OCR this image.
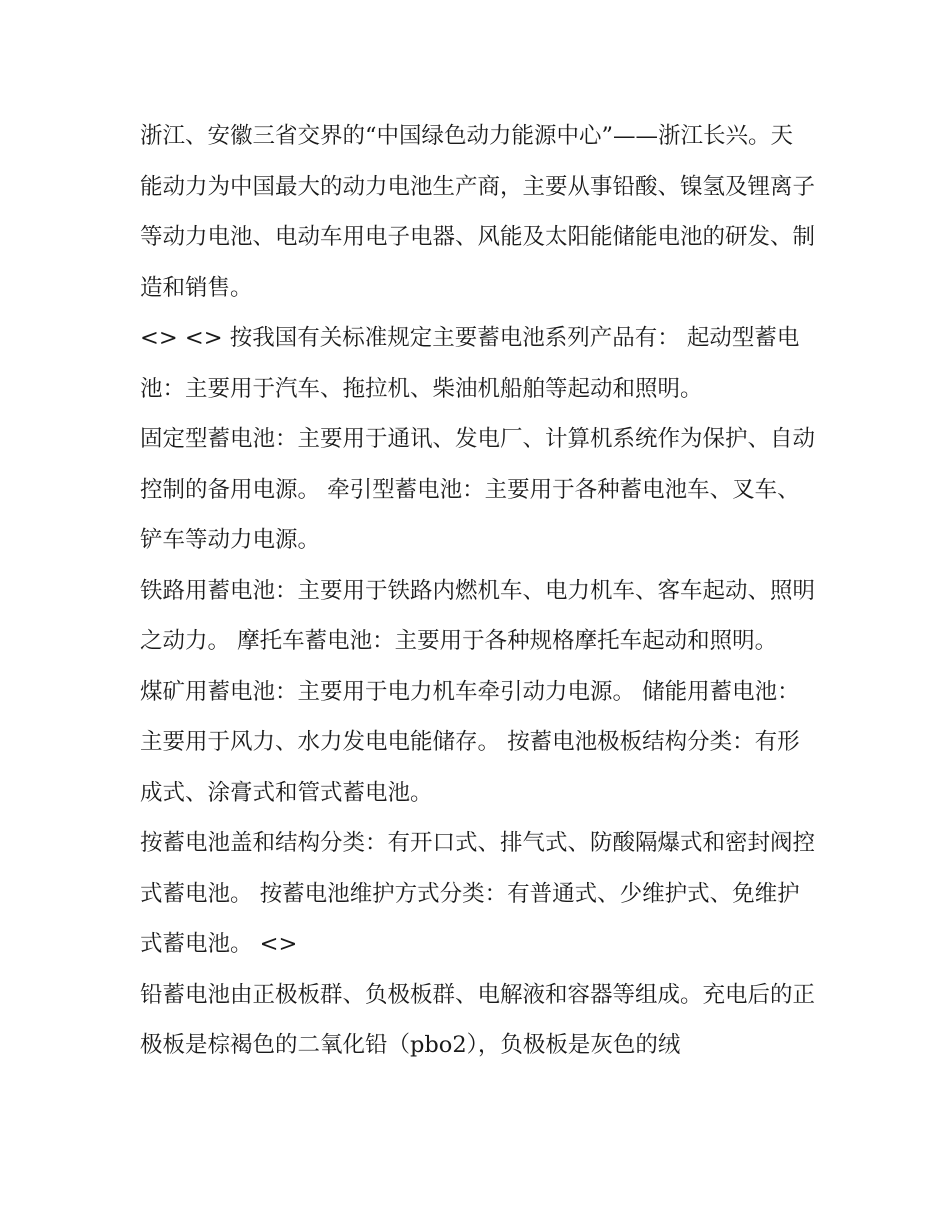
浙江、安徽三省交界的“中国绿色动力能源中心”——浙江长兴。天能动力为中国最大的动力电池生产商，主要从事铅酸、镍氢及锂离子等动力电池、电动车用电子电器、风能及太阳能储能电池的研发、制造和销售。

<> <> 按我国有关标准规定主要蓄电池系列产品有： 起动型蓄电池：主要用于汽车、拖拉机、柴油机船舶等起动和照明。

固定型蓄电池：主要用于通讯、发电厂、计算机系统作为保护、自动控制的备用电源。 牵引型蓄电池：主要用于各种蓄电池车、叉车、铲车等动力电源。

铁路用蓄电池：主要用于铁路内燃机车、电力机车、客车起动、照明之动力。 摩托车蓄电池：主要用于各种规格摩托车起动和照明。

煤矿用蓄电池：主要用于电力机车牵引动力电源。 储能用蓄电池：主要用于风力、水力发电电能储存。 按蓄电池极板结构分类：有形成式、涂膏式和管式蓄电池。

按蓄电池盖和结构分类：有开口式、排气式、防酸隔爆式和密封阀控式蓄电池。 按蓄电池维护方式分类：有普通式、少维护式、免维护式蓄电池。 <>

铅蓄电池由正极板群、负极板群、电解液和容器等组成。充电后的正极板是棕褐色的二氧化铅（pbo2），负极板是灰色的绒
